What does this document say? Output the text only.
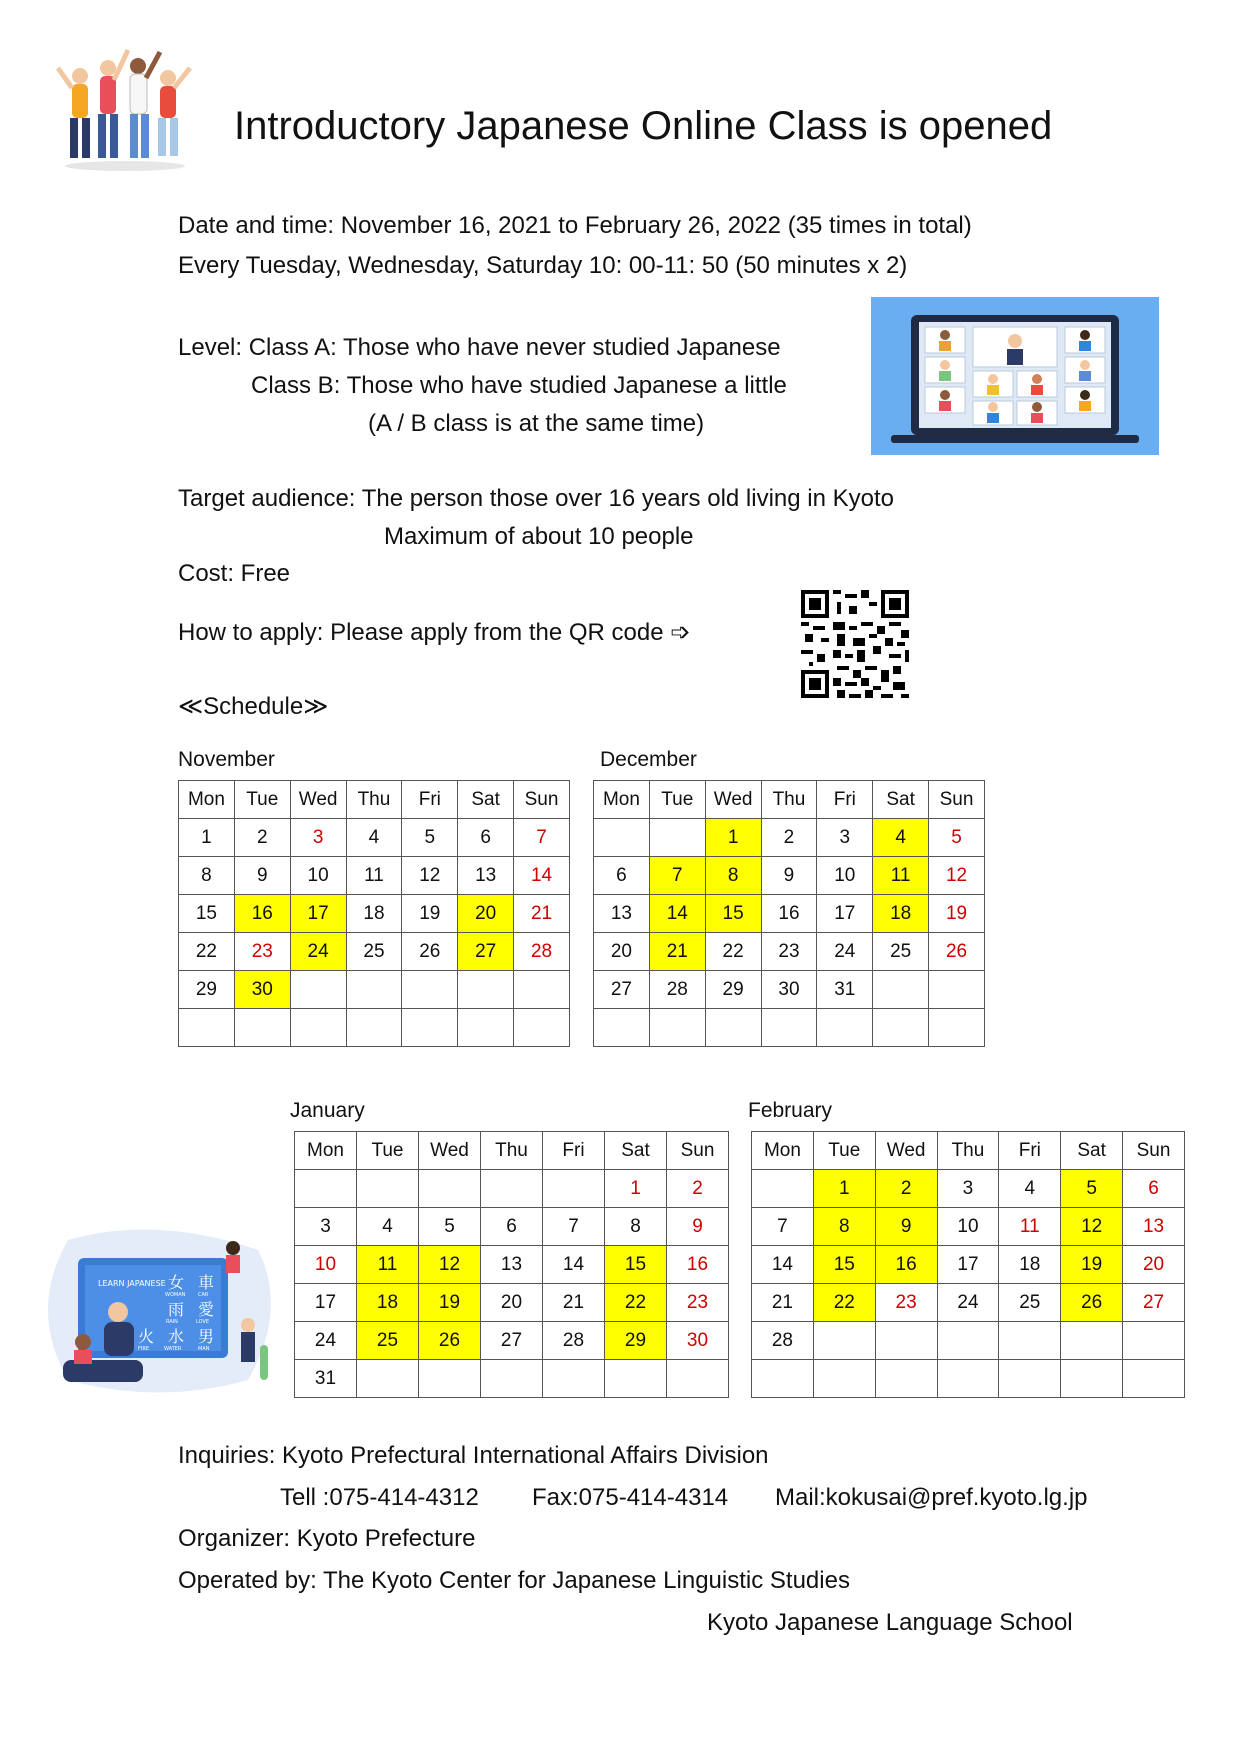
Introductory Japanese Online Class is opened
Date and time: November 16, 2021 to February 26, 2022 (35 times in total)
Every Tuesday, Wednesday, Saturday 10: 00-11: 50 (50 minutes x 2)
Level: Class A: Those who have never studied Japanese
Class B: Those who have studied Japanese a little
(A / B class is at the same time)
Target audience: The person those over 16 years old living in Kyoto
Maximum of about 10 people
Cost: Free
How to apply: Please apply from the QR code ➩
≪Schedule≫
November	December
January	February
Mon	Tue	Wed	Thu	Fri	Sat	Sun
1	2	3	4	5	6	7
8	9	10	11	12	13	14
15	16	17	18	19	20	21
22	23	24	25	26	27	28
29	30					

Mon	Tue	Wed	Thu	Fri	Sat	Sun
		1	2	3	4	5
6	7	8	9	10	11	12
13	14	15	16	17	18	19
20	21	22	23	24	25	26
27	28	29	30	31		

Mon	Tue	Wed	Thu	Fri	Sat	Sun
					1	2
3	4	5	6	7	8	9
10	11	12	13	14	15	16
17	18	19	20	21	22	23
24	25	26	27	28	29	30
31						
Mon	Tue	Wed	Thu	Fri	Sat	Sun
	1	2	3	4	5	6
7	8	9	10	11	12	13
14	15	16	17	18	19	20
21	22	23	24	25	26	27
28						

LEARN JAPANESE 女 車
雨 愛
火 水 男
WOMAN	CAR
RAIN	LOVE
FIRE	WATER	MAN
Inquiries: Kyoto Prefectural International Affairs Division
Tell :075-414-4312 Fax:075-414-4314 Mail:kokusai@pref.kyoto.lg.jp
Organizer: Kyoto Prefecture
Operated by: The Kyoto Center for Japanese Linguistic Studies
Kyoto Japanese Language School
